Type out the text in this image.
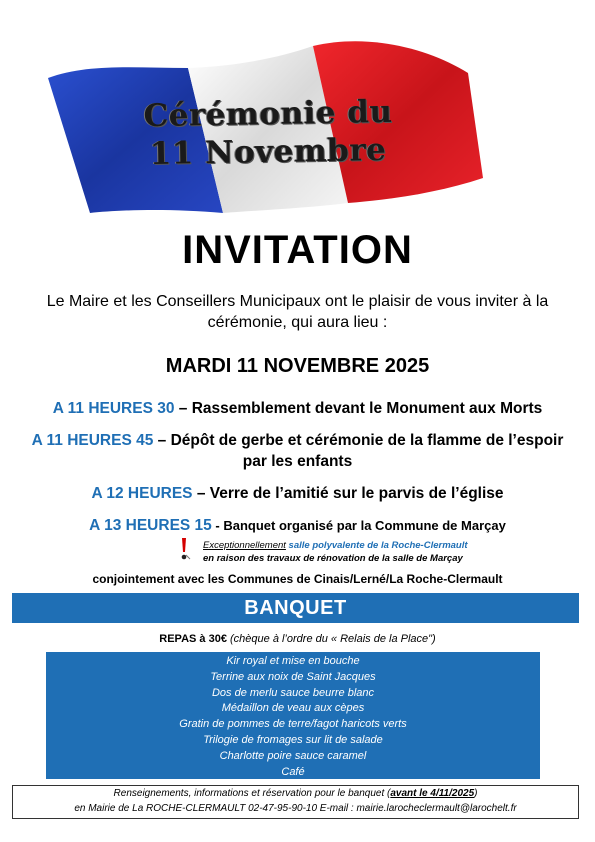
Cérémonie du
11 Novembre
INVITATION
Le Maire et les Conseillers Municipaux ont le plaisir de vous inviter à la cérémonie, qui aura lieu :
MARDI 11 NOVEMBRE 2025
A 11 HEURES 30 – Rassemblement devant le Monument aux Morts
A 11 HEURES 45 – Dépôt de gerbe et cérémonie de la flamme de l’espoir par les enfants
A 12 HEURES – Verre de l’amitié sur le parvis de l’église
A 13 HEURES 15 - Banquet organisé par la Commune de Marçay
Exceptionnellement salle polyvalente de la Roche-Clermault
en raison des travaux de rénovation de la salle de Marçay
conjointement avec les Communes de Cinais/Lerné/La Roche-Clermault
BANQUET
REPAS à 30€ (chèque à l’ordre du « Relais de la Place")
Kir royal et mise en bouche
Terrine aux noix de Saint Jacques
Dos de merlu sauce beurre blanc
Médaillon de veau aux cèpes
Gratin de pommes de terre/fagot haricots verts
Trilogie de fromages sur lit de salade
Charlotte poire sauce caramel
Café
Renseignements, informations et réservation pour le banquet (avant le 4/11/2025)
en Mairie de La ROCHE-CLERMAULT 02-47-95-90-10 E-mail : mairie.larocheclermault@larochelt.fr
